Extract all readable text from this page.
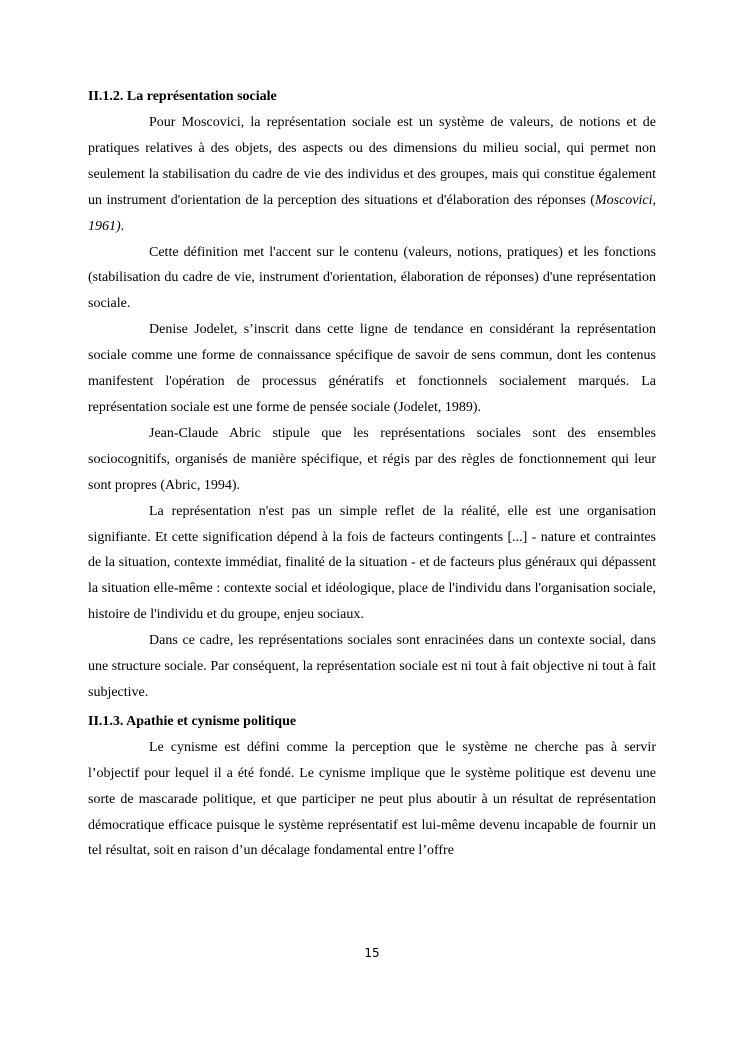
II.1.2. La représentation sociale

Pour Moscovici, la représentation sociale est un système de valeurs, de notions et de pratiques relatives à des objets, des aspects ou des dimensions du milieu social, qui permet non seulement la stabilisation du cadre de vie des individus et des groupes, mais qui constitue également un instrument d'orientation de la perception des situations et d'élaboration des réponses (Moscovici, 1961).

Cette définition met l'accent sur le contenu (valeurs, notions, pratiques) et les fonctions (stabilisation du cadre de vie, instrument d'orientation, élaboration de réponses) d'une représentation sociale.

Denise Jodelet, s’inscrit dans cette ligne de tendance en considérant la représentation sociale comme une forme de connaissance spécifique de savoir de sens commun, dont les contenus manifestent l'opération de processus génératifs et fonctionnels socialement marqués. La représentation sociale est une forme de pensée sociale (Jodelet, 1989).

Jean-Claude Abric stipule que les représentations sociales sont des ensembles sociocognitifs, organisés de manière spécifique, et régis par des règles de fonctionnement qui leur sont propres (Abric, 1994).

La représentation n'est pas un simple reflet de la réalité, elle est une organisation signifiante. Et cette signification dépend à la fois de facteurs contingents [...] - nature et contraintes de la situation, contexte immédiat, finalité de la situation - et de facteurs plus généraux qui dépassent la situation elle-même : contexte social et idéologique, place de l'individu dans l'organisation sociale, histoire de l'individu et du groupe, enjeu sociaux.

Dans ce cadre, les représentations sociales sont enracinées dans un contexte social, dans une structure sociale. Par conséquent, la représentation sociale est ni tout à fait objective ni tout à fait subjective.

II.1.3. Apathie et cynisme politique

Le cynisme est défini comme la perception que le système ne cherche pas à servir l’objectif pour lequel il a été fondé. Le cynisme implique que le système politique est devenu une sorte de mascarade politique, et que participer ne peut plus aboutir à un résultat de représentation démocratique efficace puisque le système représentatif est lui-même devenu incapable de fournir un tel résultat, soit en raison d’un décalage fondamental entre l’offre

15
